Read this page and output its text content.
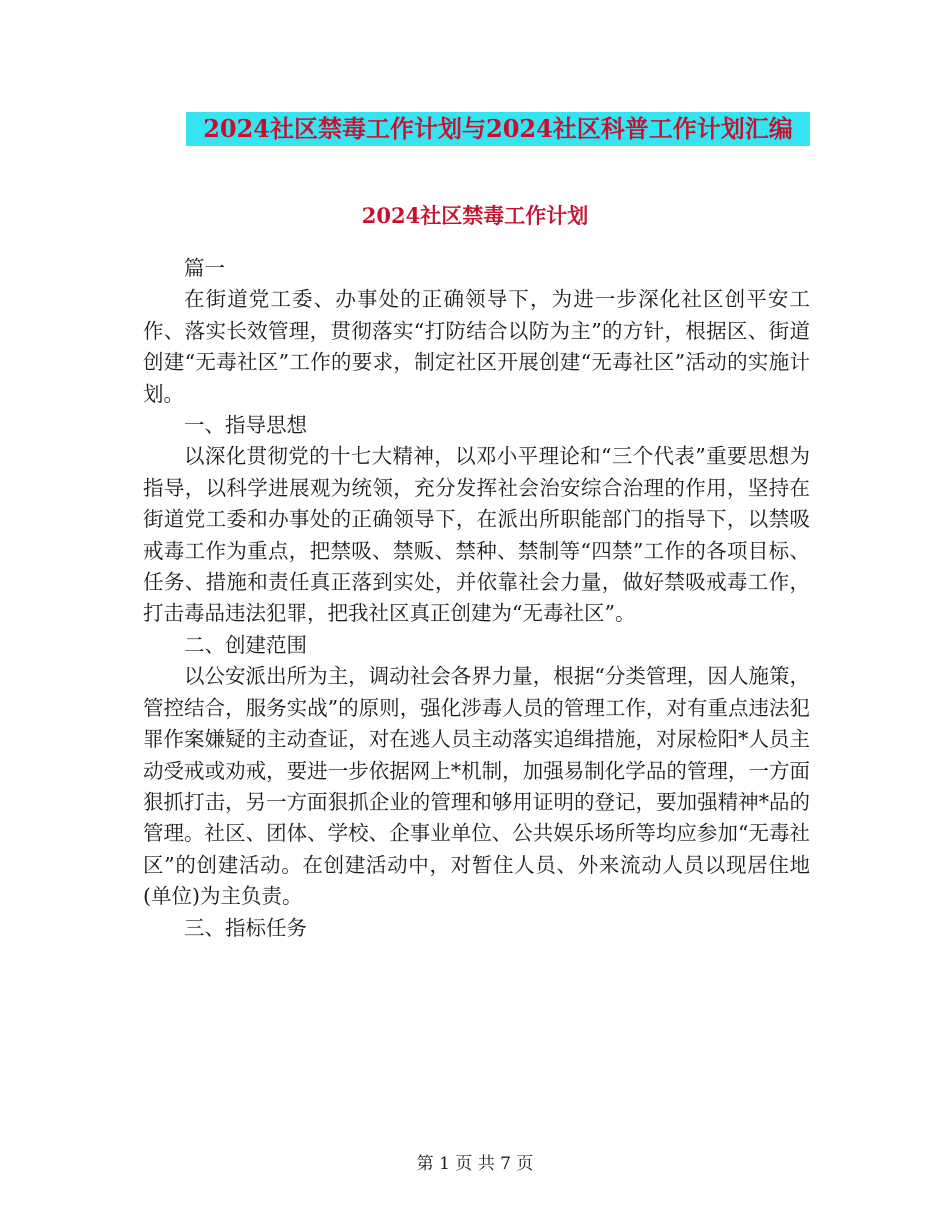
2024社区禁毒工作计划与2024社区科普工作计划汇编
2024社区禁毒工作计划

篇一

在街道党工委、办事处的正确领导下，为进一步深化社区创平安工作、落实长效管理，贯彻落实“打防结合以防为主”的方针，根据区、街道创建“无毒社区”工作的要求，制定社区开展创建“无毒社区”活动的实施计划。

一、指导思想

以深化贯彻党的十七大精神，以邓小平理论和“三个代表”重要思想为指导，以科学进展观为统领，充分发挥社会治安综合治理的作用，坚持在街道党工委和办事处的正确领导下，在派出所职能部门的指导下，以禁吸戒毒工作为重点，把禁吸、禁贩、禁种、禁制等“四禁”工作的各项目标、任务、措施和责任真正落到实处，并依靠社会力量，做好禁吸戒毒工作，打击毒品违法犯罪，把我社区真正创建为“无毒社区”。

二、创建范围

以公安派出所为主，调动社会各界力量，根据“分类管理，因人施策，管控结合，服务实战”的原则，强化涉毒人员的管理工作，对有重点违法犯罪作案嫌疑的主动查证，对在逃人员主动落实追缉措施，对尿检阳*人员主动受戒或劝戒，要进一步依据网上*机制，加强易制化学品的管理，一方面狠抓打击，另一方面狠抓企业的管理和够用证明的登记，要加强精神*品的管理。社区、团体、学校、企事业单位、公共娱乐场所等均应参加“无毒社区”的创建活动。在创建活动中，对暂住人员、外来流动人员以现居住地(单位)为主负责。

三、指标任务

第 1 页 共 7 页
